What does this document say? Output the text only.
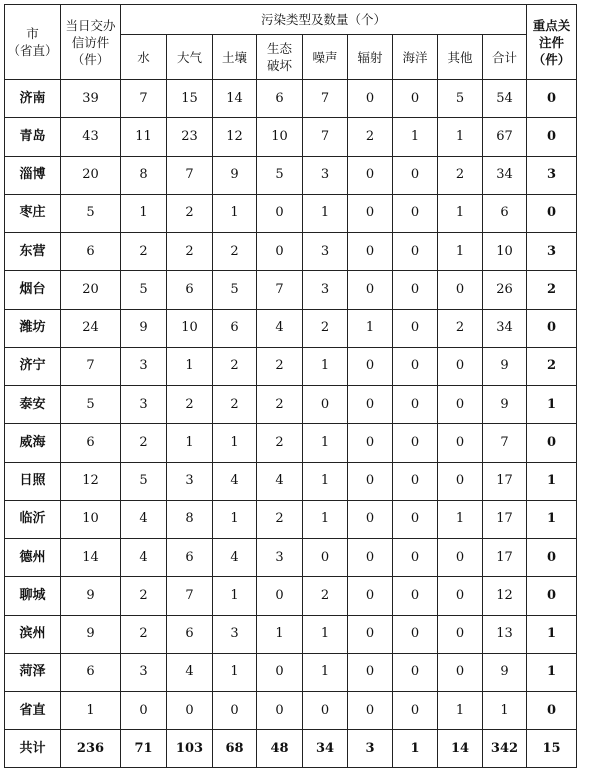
市
（省直）	当日交办信访件（件）	污染类型及数量（个）									重点关注件（件）
		水	大气	土壤	生态破坏	噪声	辐射	海洋	其他	合计	
济南	39	7	15	14	6	7	0	0	5	54	0
青岛	43	11	23	12	10	7	2	1	1	67	0
淄博	20	8	7	9	5	3	0	0	2	34	3
枣庄	5	1	2	1	0	1	0	0	1	6	0
东营	6	2	2	2	0	3	0	0	1	10	3
烟台	20	5	6	5	7	3	0	0	0	26	2
潍坊	24	9	10	6	4	2	1	0	2	34	0
济宁	7	3	1	2	2	1	0	0	0	9	2
泰安	5	3	2	2	2	0	0	0	0	9	1
威海	6	2	1	1	2	1	0	0	0	7	0
日照	12	5	3	4	4	1	0	0	0	17	1
临沂	10	4	8	1	2	1	0	0	1	17	1
德州	14	4	6	4	3	0	0	0	0	17	0
聊城	9	2	7	1	0	2	0	0	0	12	0
滨州	9	2	6	3	1	1	0	0	0	13	1
菏泽	6	3	4	1	0	1	0	0	0	9	1
省直	1	0	0	0	0	0	0	0	1	1	0
共计	236	71	103	68	48	34	3	1	14	342	15
